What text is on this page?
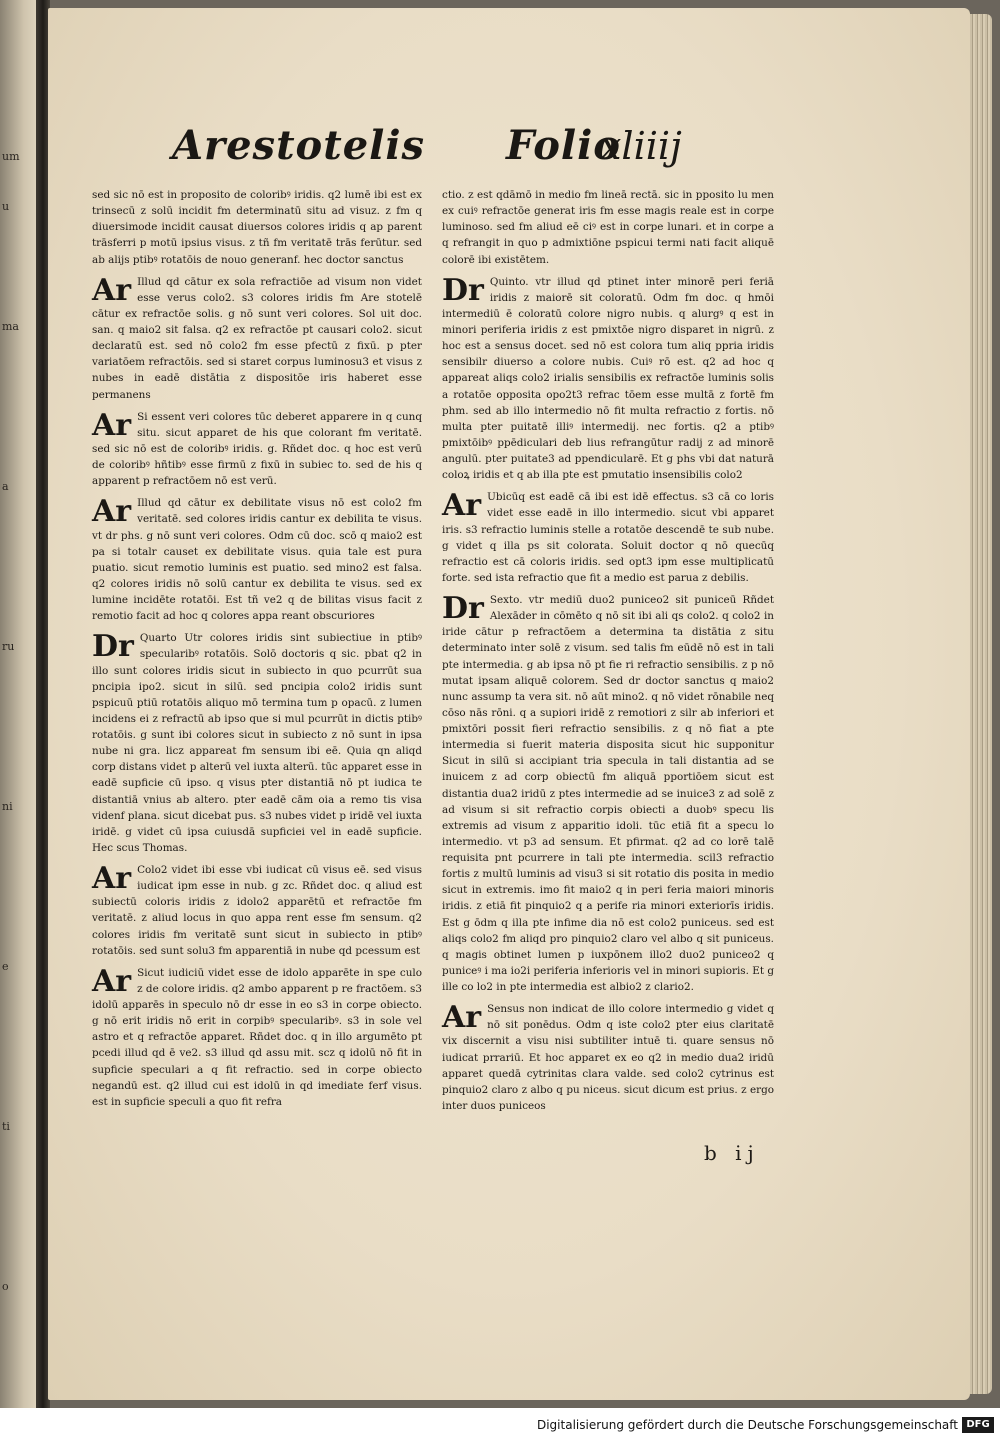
um
u
ma
a
ru
ni
e
ti
o
Arestotelis Folio
xliiij

sed sic nō est in proposito de coloribꝰ iridis. q2 lumē ibi est ex trinsecū z solū incidit fm determinatū situ ad visuz. z fm q diuersimode incidit causat diuersos colores iridis q ap parent trāsferri p motū ipsius visus. z tñ fm veritatē trās ferūtur. sed ab alijs ptibꝰ rotatōis de nouo generanf. hec doctor sanctus

Ar Illud qd cātur ex sola refractiōe ad visum non videt esse verus colo2. s3 colores iridis fm Are stotelē cātur ex refractōe solis. g nō sunt veri colores. Sol uit doc. san. q maio2 sit falsa. q2 ex refractōe pt causari colo2. sicut declaratū est. sed nō colo2 fm esse pfectū z fixū. p pter variatōem refractōis. sed si staret corpus luminosu3 et visus z nubes in eadē distātia z dispositōe iris haberet esse permanens

Ar Si essent veri colores tūc deberet apparere in q cunq situ. sicut apparet de his que colorant fm veritatē. sed sic nō est de coloribꝰ iridis. g. Rñdet doc. q hoc est verū de coloribꝰ hñtibꝰ esse firmū z fixū in subiec to. sed de his q apparent p refractōem nō est verū.

Ar Illud qd cātur ex debilitate visus nō est colo2 fm veritatē. sed colores iridis cantur ex debilita te visus. vt dr phs. g nō sunt veri colores. Odm cū doc. scō q maio2 est pa si totalr causet ex debilitate visus. quia tale est pura puatio. sicut remotio luminis est puatio. sed mino2 est falsa. q2 colores iridis nō solū cantur ex debilita te visus. sed ex lumine incidēte rotatōi. Est tñ ve2 q de bilitas visus facit z remotio facit ad hoc q colores appa reant obscuriores

Dr Quarto Utr colores iridis sint subiectiue in ptibꝰ specularibꝰ rotatōis. Solō doctoris q sic. pbat q2 in illo sunt colores iridis sicut in subiecto in quo pcurrūt sua pncipia ipo2. sicut in silū. sed pncipia colo2 iridis sunt pspicuū ptiū rotatōis aliquo mō termina tum p opacū. z lumen incidens ei z refractū ab ipso que si mul pcurrūt in dictis ptibꝰ rotatōis. g sunt ibi colores sicut in subiecto z nō sunt in ipsa nube ni gra. licz appareat fm sensum ibi eē. Quia qn aliqd corp distans videt p alterū vel iuxta alterū. tūc apparet esse in eadē supficie cū ipso. q visus pter distantiā nō pt iudica te distantiā vnius ab altero. pter eadē cām oia a remo tis visa videnf plana. sicut dicebat pus. s3 nubes videt p iridē vel iuxta iridē. g videt cū ipsa cuiusdā supficiei vel in eadē supficie. Hec scus Thomas.

Ar Colo2 videt ibi esse vbi iudicat cū visus eē. sed visus iudicat ipm esse in nub. g zc. Rñdet doc. q aliud est subiectū coloris iridis z idolo2 apparētū et refractōe fm veritatē. z aliud locus in quo appa rent esse fm sensum. q2 colores iridis fm veritatē sunt sicut in subiecto in ptibꝰ rotatōis. sed sunt solu3 fm apparentiā in nube qd pcessum est

Ar Sicut iudiciū videt esse de idolo apparēte in spe culo z de colore iridis. q2 ambo apparent p re fractōem. s3 idolū apparēs in speculo nō dr esse in eo s3 in corpe obiecto. g nō erit iridis nō erit in corpibꝰ specularibꝰ. s3 in sole vel astro et q refractōe apparet. Rñdet doc. q in illo argumēto pt pcedi illud qd ē ve2. s3 illud qd assu mit. scz q idolū nō fit in supficie speculari a q fit refractio. sed in corpe obiecto negandū est. q2 illud cui est idolū in qd imediate ferf visus. est in supficie speculi a quo fit refra

ctio. z est qdāmō in medio fm lineā rectā. sic in pposito lu men ex cuiꝰ refractōe generat iris fm esse magis reale est in corpe luminoso. sed fm aliud eē ciꝰ est in corpe lunari. et in corpe a q refrangit in quo p admixtiōne pspicui termi nati facit aliquē colorē ibi existētem.

Dr Quinto. vtr illud qd ptinet inter minorē peri feriā iridis z maiorē sit coloratū. Odm fm doc. q hmōi intermediū ē coloratū colore nigro nubis. q alurgꝰ q est in minori periferia iridis z est pmixtōe nigro disparet in nigrū. z hoc est a sensus docet. sed nō est colora tum aliq ppria iridis sensibilr diuerso a colore nubis. Cuiꝰ rō est. q2 ad hoc q appareat aliqs colo2 irialis sensibilis ex refractōe luminis solis a rotatōe opposita opo2t3 refrac tōem esse multā z fortē fm phm. sed ab illo intermedio nō fit multa refractio z fortis. nō multa pter puitatē illiꝰ intermedij. nec fortis. q2 a ptibꝰ pmixtōibꝰ ppēdiculari deb lius refrangūtur radij z ad minorē angulū. pter puitate3 ad ppendicularē. Et g phs vbi dat naturā coloꝝ iridis et q ab illa pte est pmutatio insensibilis colo2

Ar Ubicūq est eadē cā ibi est idē effectus. s3 cā co loris videt esse eadē in illo intermedio. sicut vbi apparet iris. s3 refractio luminis stelle a rotatōe descendē te sub nube. g videt q illa ps sit colorata. Soluit doctor q nō quecūq refractio est cā coloris iridis. sed opt3 ipm esse multiplicatū forte. sed ista refractio que fit a medio est parua z debilis.

Dr Sexto. vtr mediū duo2 puniceo2 sit puniceū Rñdet Alexāder in cōmēto q nō sit ibi ali qs colo2. q colo2 in iride cātur p refractōem a determina ta distātia z situ determinato inter solē z visum. sed talis fm eūdē nō est in tali pte intermedia. g ab ipsa nō pt fie ri refractio sensibilis. z p nō mutat ipsam aliquē colorem. Sed dr doctor sanctus q maio2 nunc assump ta vera sit. nō aūt mino2. q nō videt rōnabile neq cōso nās rōni. q a supiori iridē z remotiori z silr ab inferiori et pmixtōri possit fieri refractio sensibilis. z q nō fiat a pte intermedia si fuerit materia disposita sicut hic supponitur Sicut in silū si accipiant tria specula in tali distantia ad se inuicem z ad corp obiectū fm aliquā pportiōem sicut est distantia dua2 iridū z ptes intermedie ad se inuice3 z ad solē z ad visum si sit refractio corpis obiecti a duobꝰ specu lis extremis ad visum z apparitio idoli. tūc etiā fit a specu lo intermedio. vt p3 ad sensum. Et pfirmat. q2 ad co lorē talē requisita pnt pcurrere in tali pte intermedia. scil3 refractio fortis z multū luminis ad visu3 si sit rotatio dis posita in medio sicut in extremis. imo fit maio2 q in peri feria maiori minoris iridis. z etiā fit pinquio2 q a perife ria minori exteriorīs iridis. Est g ōdm q illa pte infime dia nō est colo2 puniceus. sed est aliqs colo2 fm aliqd pro pinquio2 claro vel albo q sit puniceus. q magis obtinet lumen p iuxpōnem illo2 duo2 puniceo2 q puniceꝰ i ma io2i periferia inferioris vel in minori supioris. Et g ille co lo2 in pte intermedia est albio2 z clario2.

Ar Sensus non indicat de illo colore intermedio g videt q nō sit ponēdus. Odm q iste colo2 pter eius claritatē vix discernit a visu nisi subtiliter intuē ti. quare sensus nō iudicat prrariū. Et hoc apparet ex eo q2 in medio dua2 iridū apparet quedā cytrinitas clara valde. sed colo2 cytrinus est pinquio2 claro z albo q pu niceus. sicut dicum est prius. z ergo inter duos puniceos

b ij
Digitalisierung gefördert durch die Deutsche Forschungsgemeinschaft DFG
